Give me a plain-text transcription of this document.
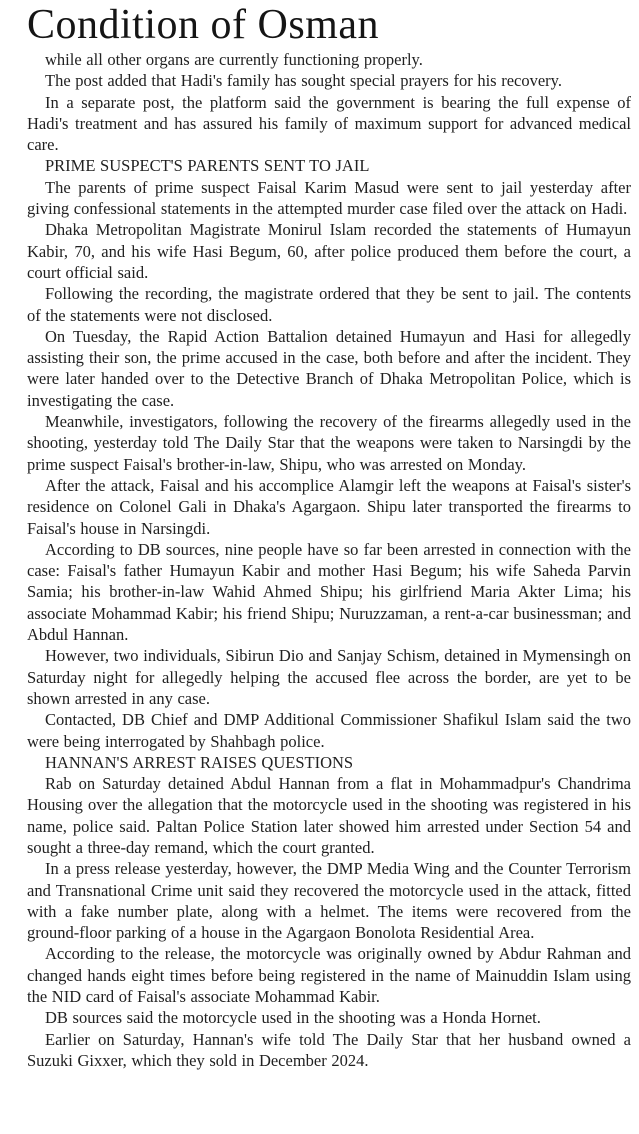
Condition of Osman

while all other organs are currently functioning properly.

The post added that Hadi's family has sought special prayers for his recovery.

In a separate post, the platform said the government is bearing the full expense of Hadi's treatment and has assured his family of maximum support for advanced medical care.

PRIME SUSPECT'S PARENTS SENT TO JAIL

The parents of prime suspect Faisal Karim Masud were sent to jail yesterday after giving confessional statements in the attempted murder case filed over the attack on Hadi.

Dhaka Metropolitan Magistrate Monirul Islam recorded the statements of Humayun Kabir, 70, and his wife Hasi Begum, 60, after police produced them before the court, a court official said.

Following the recording, the magistrate ordered that they be sent to jail. The contents of the statements were not disclosed.

On Tuesday, the Rapid Action Battalion detained Humayun and Hasi for allegedly assisting their son, the prime accused in the case, both before and after the incident. They were later handed over to the Detective Branch of Dhaka Metropolitan Police, which is investigating the case.

Meanwhile, investigators, following the recovery of the firearms allegedly used in the shooting, yesterday told The Daily Star that the weapons were taken to Narsingdi by the prime suspect Faisal's brother-in-law, Shipu, who was arrested on Monday.

After the attack, Faisal and his accomplice Alamgir left the weapons at Faisal's sister's residence on Colonel Gali in Dhaka's Agargaon. Shipu later transported the firearms to Faisal's house in Narsingdi.

According to DB sources, nine people have so far been arrested in connection with the case: Faisal's father Humayun Kabir and mother Hasi Begum; his wife Saheda Parvin Samia; his brother-in-law Wahid Ahmed Shipu; his girlfriend Maria Akter Lima; his associate Mohammad Kabir; his friend Shipu; Nuruzzaman, a rent-a-car businessman; and Abdul Hannan.

However, two individuals, Sibirun Dio and Sanjay Schism, detained in Mymensingh on Saturday night for allegedly helping the accused flee across the border, are yet to be shown arrested in any case.

Contacted, DB Chief and DMP Additional Commissioner Shafikul Islam said the two were being interrogated by Shahbagh police.

HANNAN'S ARREST RAISES QUESTIONS

Rab on Saturday detained Abdul Hannan from a flat in Mohammadpur's Chandrima Housing over the allegation that the motorcycle used in the shooting was registered in his name, police said. Paltan Police Station later showed him arrested under Section 54 and sought a three-day remand, which the court granted.

In a press release yesterday, however, the DMP Media Wing and the Counter Terrorism and Transnational Crime unit said they recovered the motorcycle used in the attack, fitted with a fake number plate, along with a helmet. The items were recovered from the ground-floor parking of a house in the Agargaon Bonolota Residential Area.

According to the release, the motorcycle was originally owned by Abdur Rahman and changed hands eight times before being registered in the name of Mainuddin Islam using the NID card of Faisal's associate Mohammad Kabir.

DB sources said the motorcycle used in the shooting was a Honda Hornet.

Earlier on Saturday, Hannan's wife told The Daily Star that her husband owned a Suzuki Gixxer, which they sold in December 2024.
